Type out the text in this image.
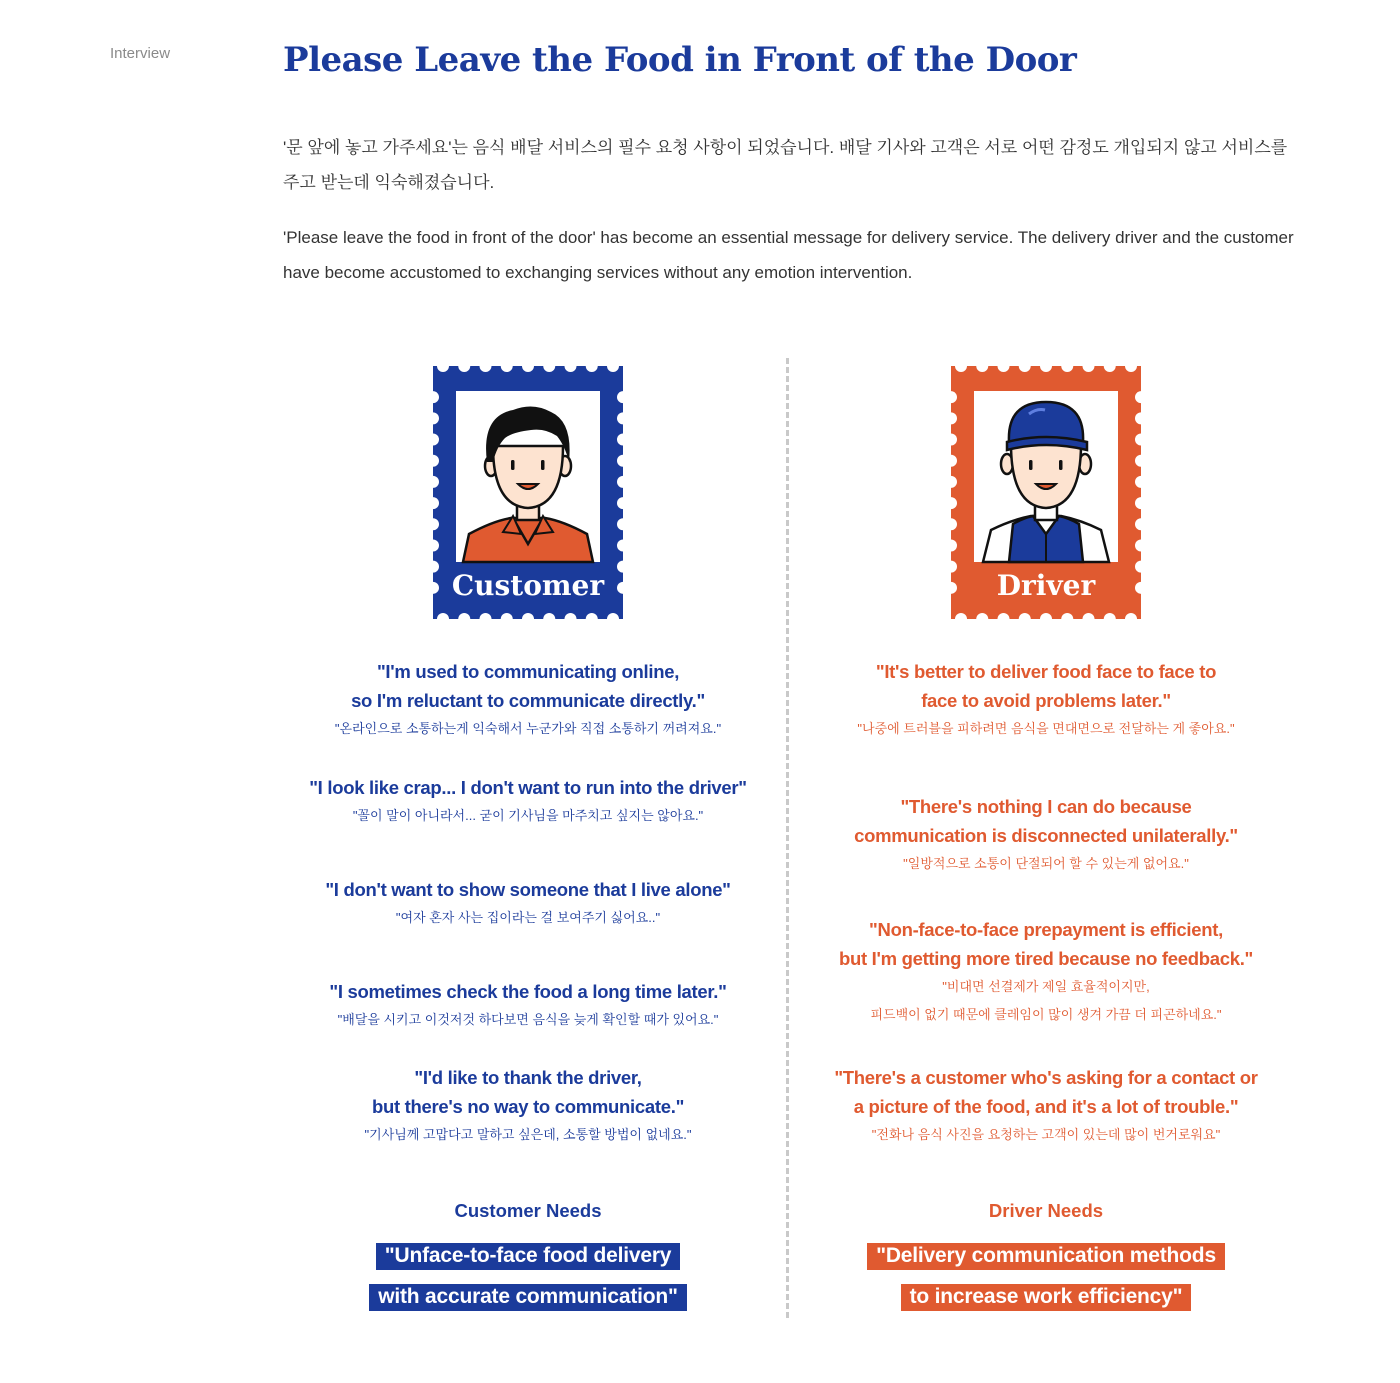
Interview	Please Leave the Food in Front of the Door

'문 앞에 놓고 가주세요'는 음식 배달 서비스의 필수 요청 사항이 되었습니다. 배달 기사와 고객은 서로 어떤 감정도 개입되지 않고 서비스를 주고 받는데 익숙해졌습니다.

'Please leave the food in front of the door' has become an essential message for delivery service. The delivery driver and the customer have become accustomed to exchanging services without any emotion intervention.

Customer
"I'm used to communicating online,
so I'm reluctant to communicate directly."
"온라인으로 소통하는게 익숙해서 누군가와 직접 소통하기 꺼려져요."
"I look like crap... I don't want to run into the driver"
"꼴이 말이 아니라서... 굳이 기사님을 마주치고 싶지는 않아요."
"I don't want to show someone that I live alone"
"여자 혼자 사는 집이라는 걸 보여주기 싫어요.."
"I sometimes check the food a long time later."
"배달을 시키고 이것저것 하다보면 음식을 늦게 확인할 때가 있어요."
"I'd like to thank the driver,
but there's no way to communicate."
"기사님께 고맙다고 말하고 싶은데, 소통할 방법이 없네요."
Customer Needs
"Unface-to-face food delivery
with accurate communication"
Driver
"It's better to deliver food face to face to
face to avoid problems later."
"나중에 트러블을 피하려면 음식을 면대면으로 전달하는 게 좋아요."
"There's nothing I can do because
communication is disconnected unilaterally."
"일방적으로 소통이 단절되어 할 수 있는게 없어요."
"Non-face-to-face prepayment is efficient,
but I'm getting more tired because no feedback."
"비대면 선결제가 제일 효율적이지만,
피드백이 없기 때문에 클레임이 많이 생겨 가끔 더 피곤하네요."
"There's a customer who's asking for a contact or
a picture of the food, and it's a lot of trouble."
"전화나 음식 사진을 요청하는 고객이 있는데 많이 번거로워요"
Driver Needs
"Delivery communication methods
to increase work efficiency"
